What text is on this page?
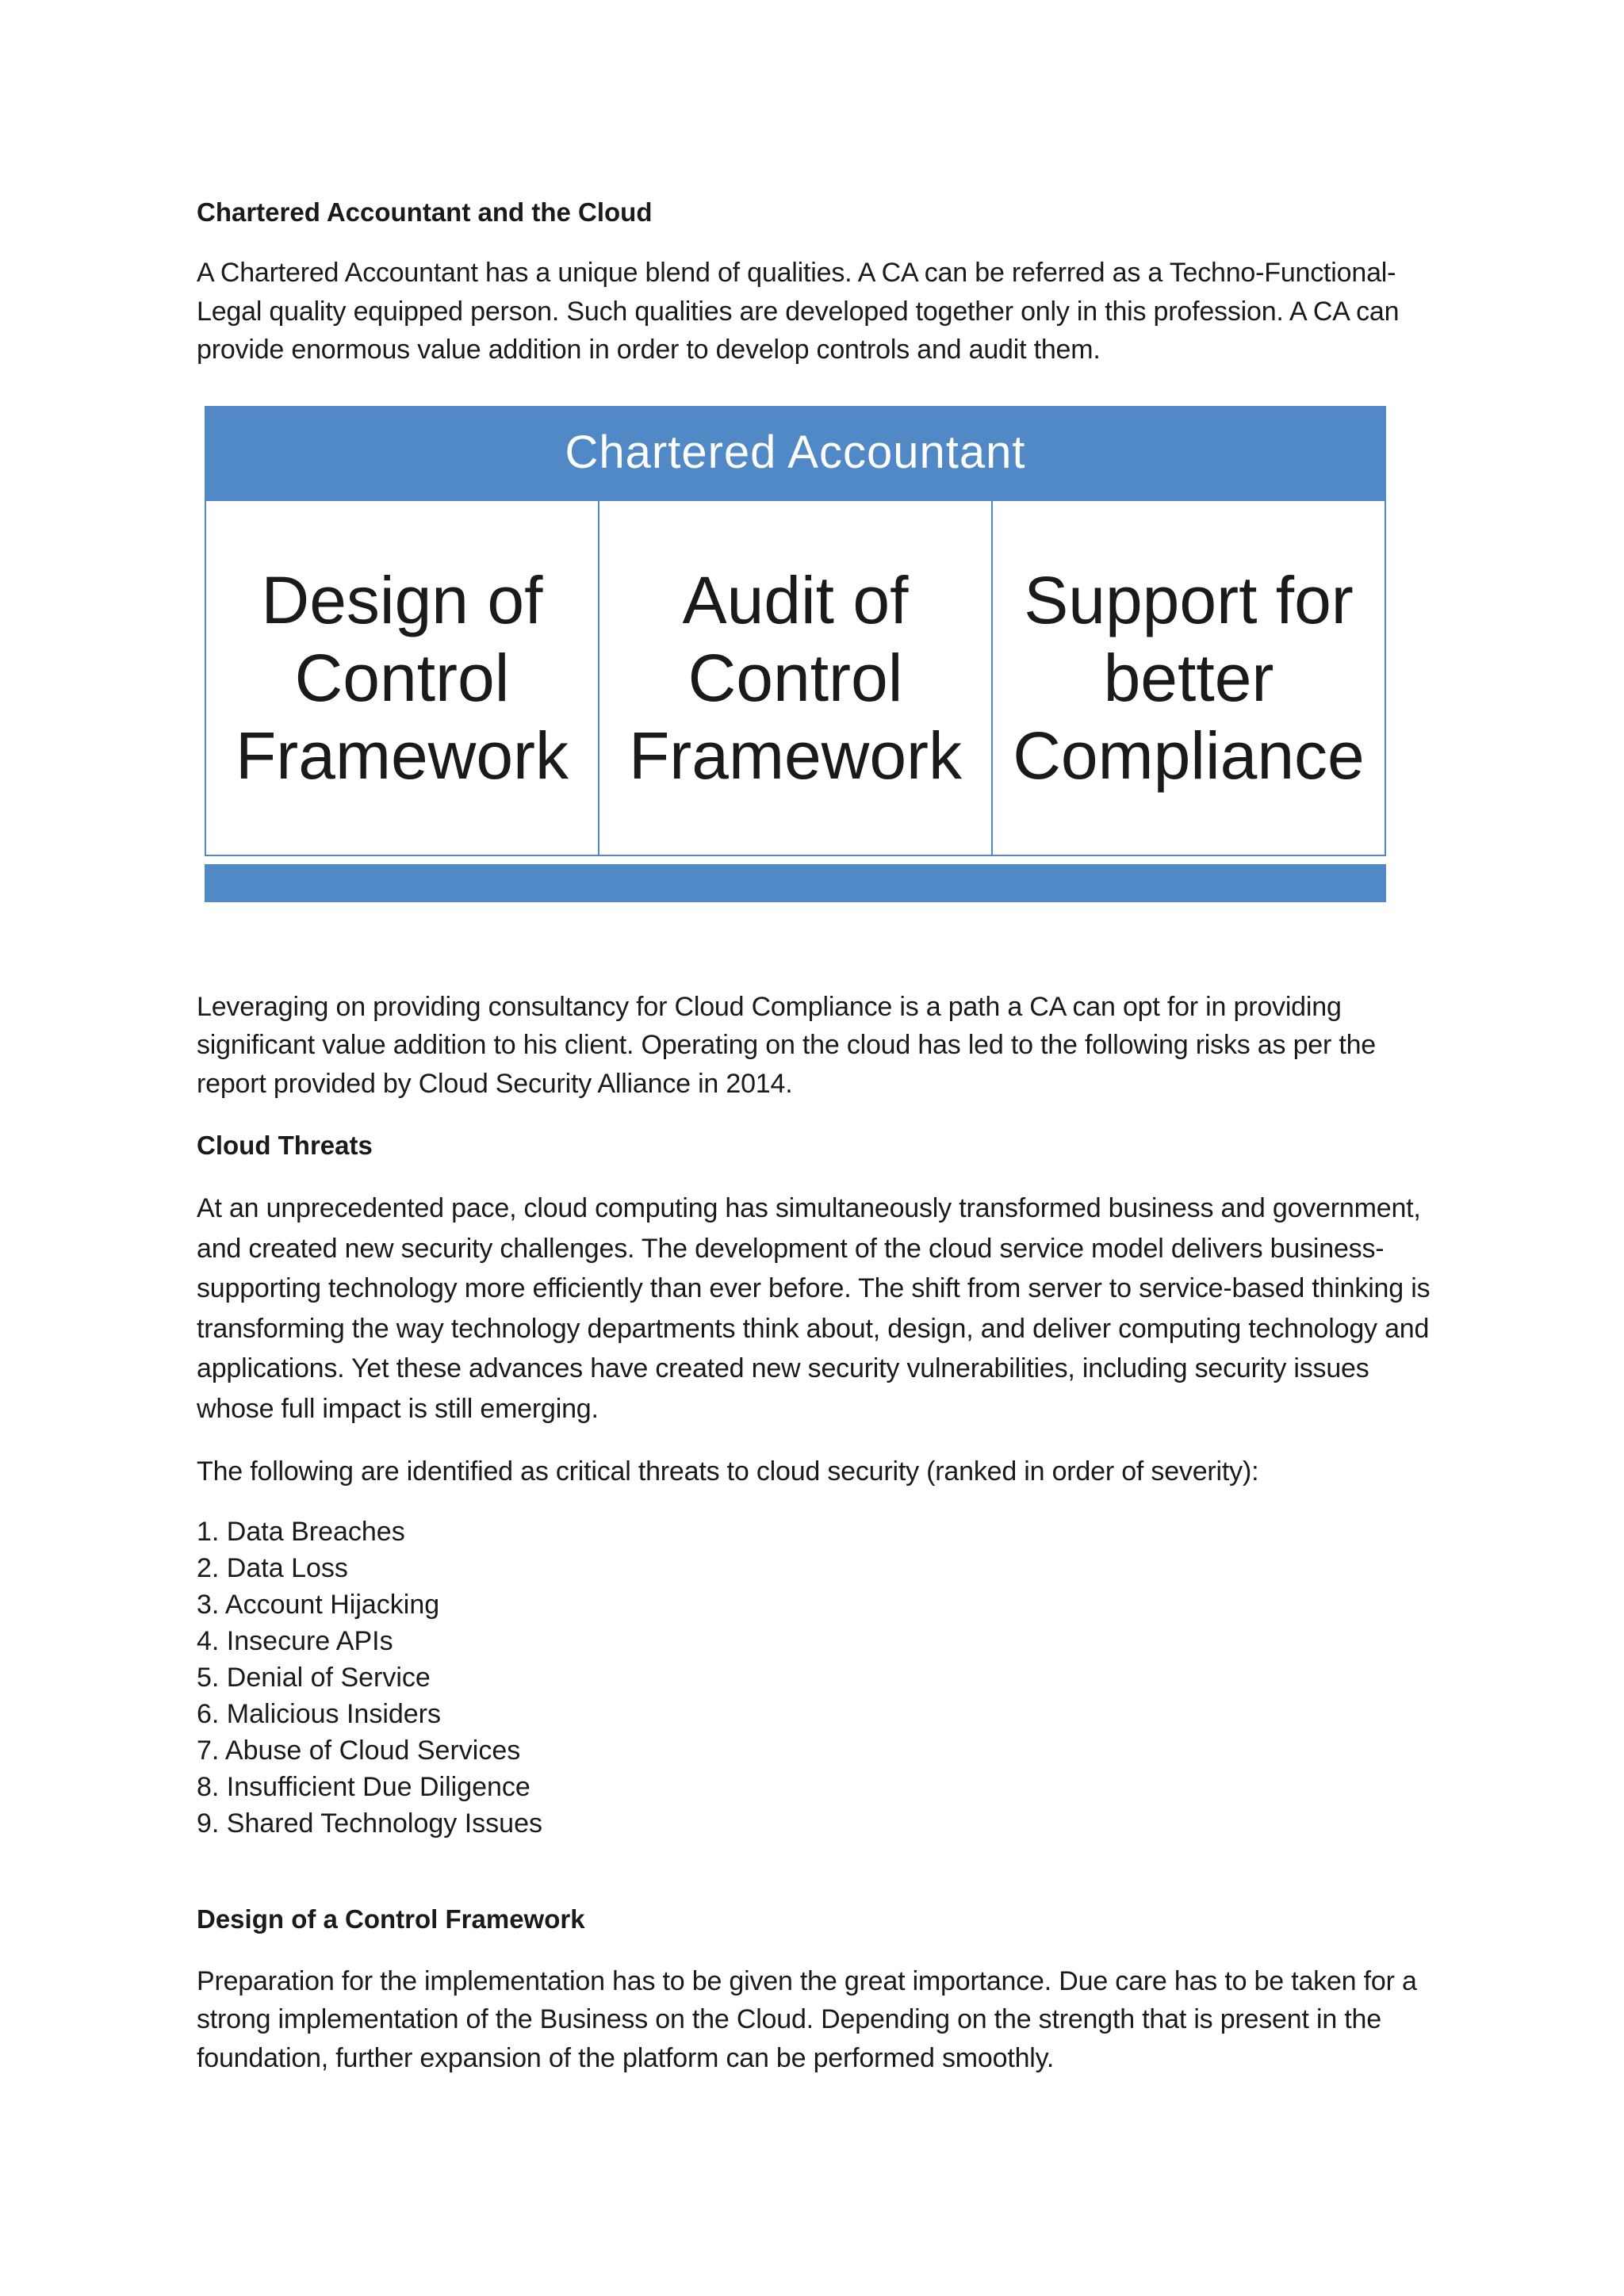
Chartered Accountant and the Cloud

A Chartered Accountant has a unique blend of qualities. A CA can be referred as a Techno-Functional-Legal quality equipped person. Such qualities are developed together only in this profession. A CA can provide enormous value addition in order to develop controls and audit them.

Chartered Accountant
Design of
Control
Framework
Audit of
Control
Framework
Support for
better
Compliance

Leveraging on providing consultancy for Cloud Compliance is a path a CA can opt for in providing significant value addition to his client. Operating on the cloud has led to the following risks as per the report provided by Cloud Security Alliance in 2014.

Cloud Threats

At an unprecedented pace, cloud computing has simultaneously transformed business and government, and created new security challenges. The development of the cloud service model delivers business-supporting technology more efficiently than ever before. The shift from server to service-based thinking is transforming the way technology departments think about, design, and deliver computing technology and applications. Yet these advances have created new security vulnerabilities, including security issues whose full impact is still emerging.

The following are identified as critical threats to cloud security (ranked in order of severity):

1. Data Breaches
2. Data Loss
3. Account Hijacking
4. Insecure APIs
5. Denial of Service
6. Malicious Insiders
7. Abuse of Cloud Services
8. Insufficient Due Diligence
9. Shared Technology Issues
Design of a Control Framework

Preparation for the implementation has to be given the great importance. Due care has to be taken for a strong implementation of the Business on the Cloud. Depending on the strength that is present in the foundation, further expansion of the platform can be performed smoothly.
